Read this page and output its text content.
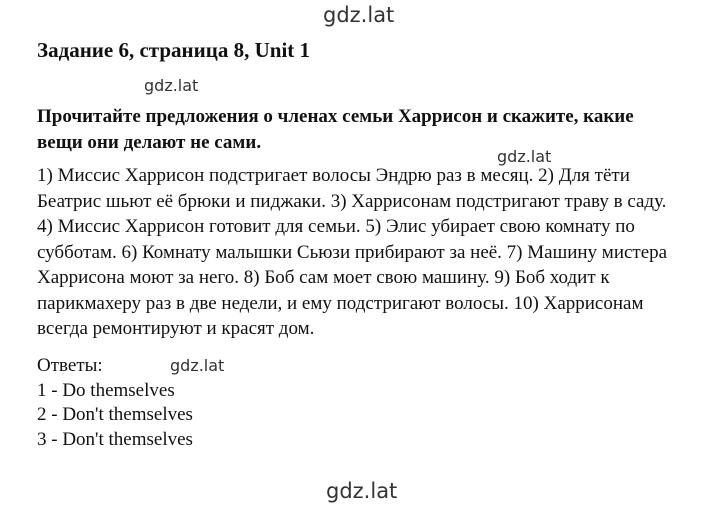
gdz.lat
Задание 6, страница 8, Unit 1
gdz.lat
Прочитайте предложения о членах семьи Харрисон и скажите, какие
вещи они делают не сами.
gdz.lat
1) Миссис Харрисон подстригает волосы Эндрю раз в месяц. 2) Для тёти
Беатрис шьют её брюки и пиджаки. 3) Харрисонам подстригают траву в саду.
4) Миссис Харрисон готовит для семьи. 5) Элис убирает свою комнату по
субботам. 6) Комнату малышки Сьюзи прибирают за неё. 7) Машину мистера
Харрисона моют за него. 8) Боб сам моет свою машину. 9) Боб ходит к
парикмахеру раз в две недели, и ему подстригают волосы. 10) Харрисонам
всегда ремонтируют и красят дом.
Ответы:
1 - Do themselves
2 - Don't themselves
3 - Don't themselves
gdz.lat
gdz.lat
